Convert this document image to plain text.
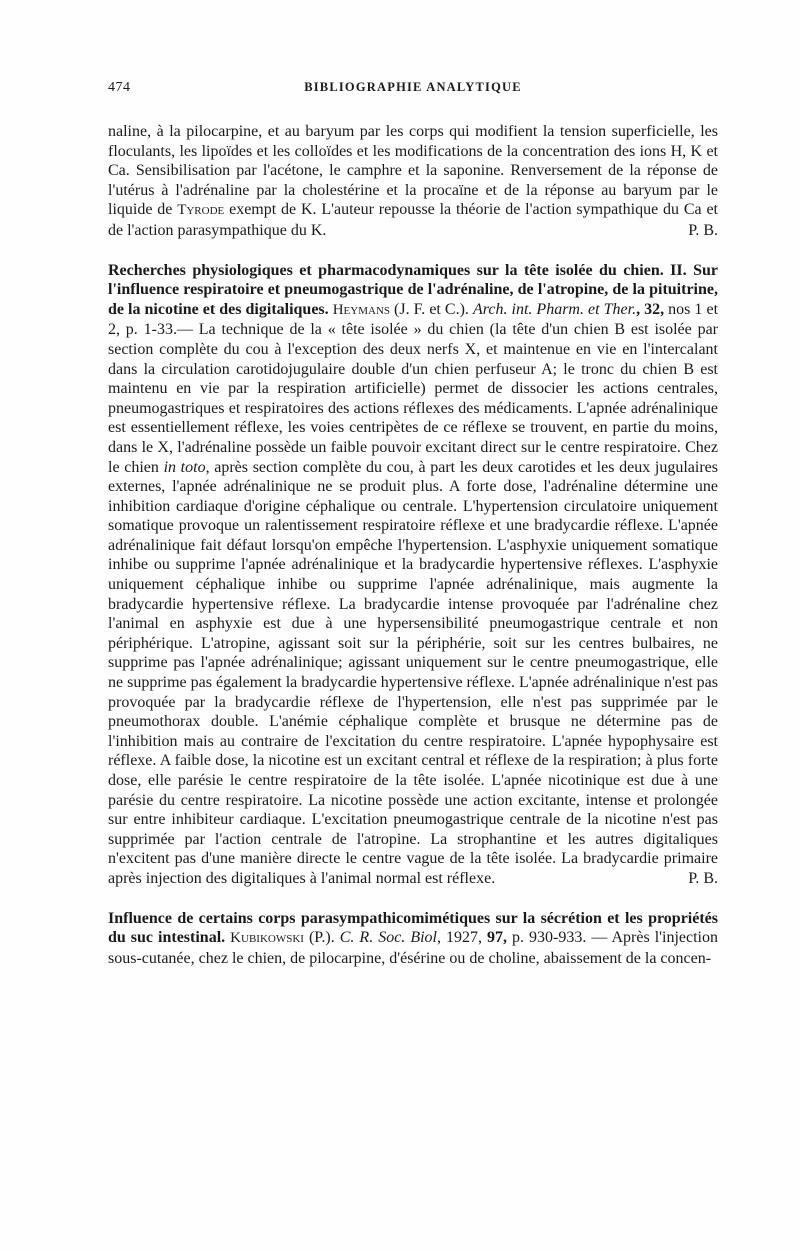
474	BIBLIOGRAPHIE ANALYTIQUE

naline, à la pilocarpine, et au baryum par les corps qui modifient la tension superficielle, les floculants, les lipoïdes et les colloïdes et les modifications de la concentration des ions H, K et Ca. Sensibilisation par l'acétone, le camphre et la saponine. Renversement de la réponse de l'utérus à l'adrénaline par la cholestérine et la procaïne et de la réponse au baryum par le liquide de Tyrode exempt de K. L'auteur repousse la théorie de l'action sympathique du Ca et de l'action parasympathique du K.	P. B.

Recherches physiologiques et pharmacodynamiques sur la tête isolée du chien. II. Sur l'influence respiratoire et pneumogastrique de l'adrénaline, de l'atropine, de la pituitrine, de la nicotine et des digitaliques. Heymans (J. F. et C.). Arch. int. Pharm. et Ther., 32, nos 1 et 2, p. 1-33.— La technique de la « tête isolée » du chien (la tête d'un chien B est isolée par section complète du cou à l'exception des deux nerfs X, et maintenue en vie en l'intercalant dans la circulation carotidojugulaire double d'un chien perfuseur A; le tronc du chien B est maintenu en vie par la respiration artificielle) permet de dissocier les actions centrales, pneumogastriques et respiratoires des actions réflexes des médicaments. L'apnée adrénalinique est essentiellement réflexe, les voies centripètes de ce réflexe se trouvent, en partie du moins, dans le X, l'adrénaline possède un faible pouvoir excitant direct sur le centre respiratoire. Chez le chien in toto, après section complète du cou, à part les deux carotides et les deux jugulaires externes, l'apnée adrénalinique ne se produit plus. A forte dose, l'adrénaline détermine une inhibition cardiaque d'origine céphalique ou centrale. L'hypertension circulatoire uniquement somatique provoque un ralentissement respiratoire réflexe et une bradycardie réflexe. L'apnée adrénalinique fait défaut lorsqu'on empêche l'hypertension. L'asphyxie uniquement somatique inhibe ou supprime l'apnée adrénalinique et la bradycardie hypertensive réflexes. L'asphyxie uniquement céphalique inhibe ou supprime l'apnée adrénalinique, mais augmente la bradycardie hypertensive réflexe. La bradycardie intense provoquée par l'adrénaline chez l'animal en asphyxie est due à une hypersensibilité pneumogastrique centrale et non périphérique. L'atropine, agissant soit sur la périphérie, soit sur les centres bulbaires, ne supprime pas l'apnée adrénalinique; agissant uniquement sur le centre pneumogastrique, elle ne supprime pas également la bradycardie hypertensive réflexe. L'apnée adrénalinique n'est pas provoquée par la bradycardie réflexe de l'hypertension, elle n'est pas supprimée par le pneumothorax double. L'anémie céphalique complète et brusque ne détermine pas de l'inhibition mais au contraire de l'excitation du centre respiratoire. L'apnée hypophysaire est réflexe. A faible dose, la nicotine est un excitant central et réflexe de la respiration; à plus forte dose, elle parésie le centre respiratoire de la tête isolée. L'apnée nicotinique est due à une parésie du centre respiratoire. La nicotine possède une action excitante, intense et prolongée sur entre inhibiteur cardiaque. L'excitation pneumogastrique centrale de la nicotine n'est pas supprimée par l'action centrale de l'atropine. La strophantine et les autres digitaliques n'excitent pas d'une manière directe le centre vague de la tête isolée. La bradycardie primaire après injection des digitaliques à l'animal normal est réflexe.	P. B.

Influence de certains corps parasympathicomimétiques sur la sécrétion et les propriétés du suc intestinal. Kubikowski (P.). C. R. Soc. Biol, 1927, 97, p. 930-933. — Après l'injection sous-cutanée, chez le chien, de pilocarpine, d'ésérine ou de choline, abaissement de la concen-
